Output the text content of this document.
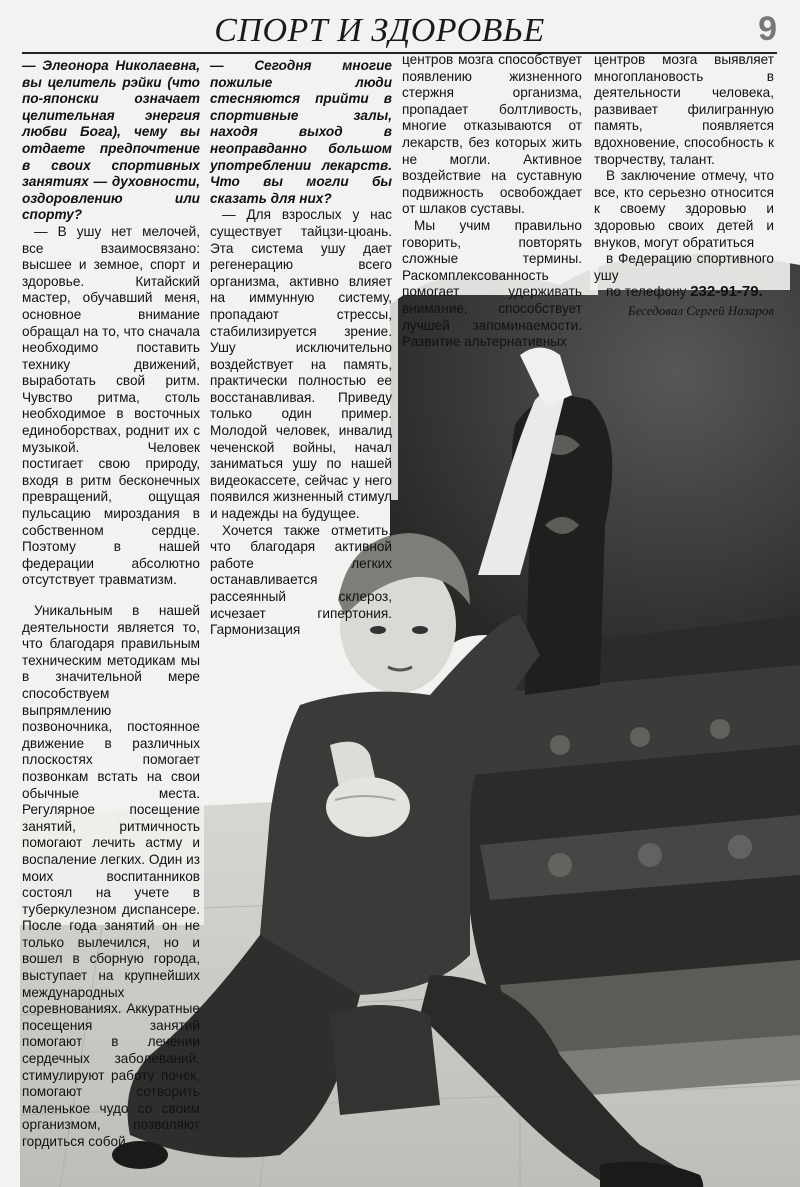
СПОРТ И ЗДОРОВЬЕ	9

— Элеонора Николаевна, вы целитель рэйки (что по-японски означает целительная энергия любви Бога), чему вы отдаете предпочтение в своих спортивных занятиях — духовности, оздоровлению или спорту?

— В ушу нет мелочей, все взаимосвязано: высшее и земное, спорт и здоровье. Китайский мастер, обучавший меня, основное внимание обращал на то, что сначала необходимо поставить технику движений, выработать свой ритм. Чувство ритма, столь необходимое в восточных единоборствах, роднит их с музыкой. Человек постигает свою природу, входя в ритм бесконечных превращений, ощущая пульсацию мироздания в собственном сердце. Поэтому в нашей федерации абсолютно отсутствует травматизм.

Уникальным в нашей деятельности является то, что благодаря правильным техническим методикам мы в значительной мере способствуем выпрямлению позвоночника, постоянное движение в различных плоскостях помогает позвонкам встать на свои обычные места. Регулярное посещение занятий, ритмичность помогают лечить астму и воспаление легких. Один из моих воспитанников состоял на учете в туберкулезном диспансере. После года занятий он не только вылечился, но и вошел в сборную города, выступает на крупнейших международных соревнованиях. Аккуратные посещения занятий помогают в лечении сердечных заболеваний, стимулируют работу почек, помогают сотворить маленькое чудо со своим организмом, позволяют гордиться собой.

— Сегодня многие пожилые люди стесняются прийти в спортивные залы, находя выход в неоправданно большом употреблении лекарств. Что вы могли бы сказать для них?

— Для взрослых у нас существует тайцзи-цюань. Эта система ушу дает регенерацию всего организма, активно влияет на иммунную систему, пропадают стрессы, стабилизируется зрение. Ушу исключительно воздействует на память, практически полностью ее восстанавливая. Приведу только один пример. Молодой человек, инвалид чеченской войны, начал заниматься ушу по нашей видеокассете, сейчас у него появился жизненный стимул и надежды на будущее.

Хочется также отметить, что благодаря активной работе легких останавливается рассеянный склероз, исчезает гипертония. Гармонизация

центров мозга способствует появлению жизненного стержня организма, пропадает болтливость, многие отказываются от лекарств, без которых жить не могли. Активное воздействие на суставную подвижность освобождает от шлаков суставы.

Мы учим правильно говорить, повторять сложные термины. Раскомплексованность помогает удерживать внимание, способствует лучшей запоминаемости. Развитие альтернативных

центров мозга выявляет многоплановость в деятельности человека, развивает филигранную память, появляется вдохновение, способность к творчеству, талант.

В заключение отмечу, что все, кто серьезно относится к своему здоровью и здоровью своих детей и внуков, могут обратиться

в Федерацию спортивного ушу

по телефону 232-91-79.

Беседовал Сергей Назаров
